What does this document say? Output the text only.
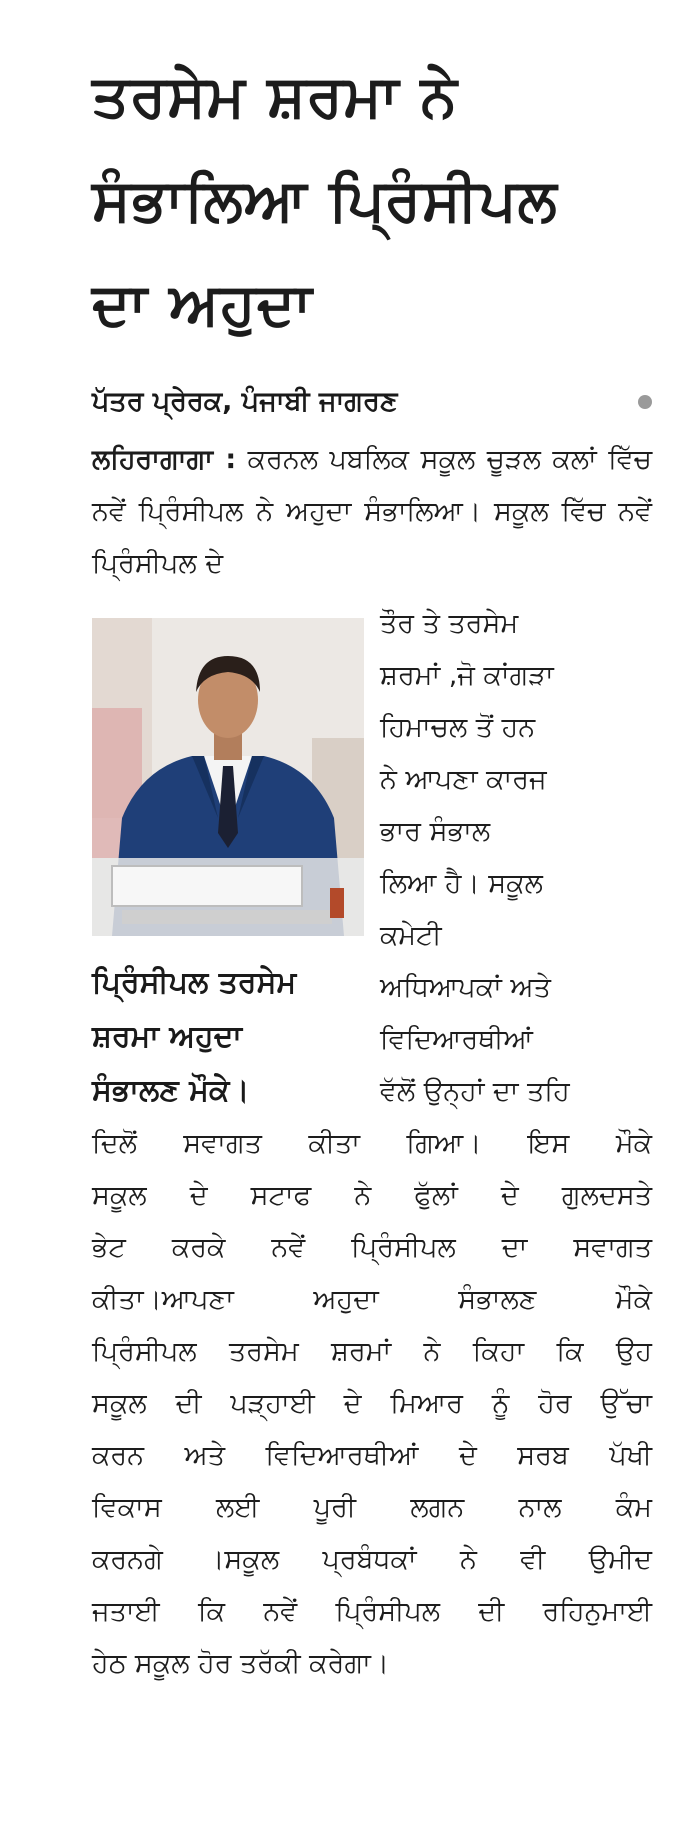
ਤਰਸੇਮ ਸ਼ਰਮਾ ਨੇ
ਸੰਭਾਲਿਆ ਪ੍ਰਿੰਸੀਪਲ
ਦਾ ਅਹੁਦਾ
ਪੱਤਰ ਪ੍ਰੇਰਕ, ਪੰਜਾਬੀ ਜਾਗਰਣ
ਲਹਿਰਾਗਾਗਾ : ਕਰਨਲ ਪਬਲਿਕ ਸਕੂਲ ਚੂੜਲ ਕਲਾਂ ਵਿੱਚ ਨਵੇਂ ਪ੍ਰਿੰਸੀਪਲ ਨੇ ਅਹੁਦਾ ਸੰਭਾਲਿਆ। ਸਕੂਲ ਵਿੱਚ ਨਵੇਂ ਪ੍ਰਿੰਸੀਪਲ ਦੇ
ਤੌਰ ਤੇ ਤਰਸੇਮ
ਸ਼ਰਮਾਂ ,ਜੋ ਕਾਂਗੜਾ
ਹਿਮਾਚਲ ਤੋਂ ਹਨ
ਨੇ ਆਪਣਾ ਕਾਰਜ
ਭਾਰ ਸੰਭਾਲ
ਲਿਆ ਹੈ। ਸਕੂਲ
ਕਮੇਟੀ
ਅਧਿਆਪਕਾਂ ਅਤੇ
ਵਿਦਿਆਰਥੀਆਂ
ਵੱਲੋਂ ਉਨ੍ਹਾਂ ਦਾ ਤਹਿ
ਪ੍ਰਿੰਸੀਪਲ ਤਰਸੇਮ
ਸ਼ਰਮਾ ਅਹੁਦਾ
ਸੰਭਾਲਣ ਮੌਕੇ।
ਦਿਲੋਂ ਸਵਾਗਤ ਕੀਤਾ ਗਿਆ। ਇਸ ਮੌਕੇ
ਸਕੂਲ ਦੇ ਸਟਾਫ ਨੇ ਫੁੱਲਾਂ ਦੇ ਗੁਲਦਸਤੇ
ਭੇਟ ਕਰਕੇ ਨਵੇਂ ਪ੍ਰਿੰਸੀਪਲ ਦਾ ਸਵਾਗਤ
ਕੀਤਾ।ਆਪਣਾ ਅਹੁਦਾ ਸੰਭਾਲਣ ਮੌਕੇ
ਪ੍ਰਿੰਸੀਪਲ ਤਰਸੇਮ ਸ਼ਰਮਾਂ ਨੇ ਕਿਹਾ ਕਿ ਉਹ
ਸਕੂਲ ਦੀ ਪੜ੍ਹਾਈ ਦੇ ਮਿਆਰ ਨੂੰ ਹੋਰ ਉੱਚਾ
ਕਰਨ ਅਤੇ ਵਿਦਿਆਰਥੀਆਂ ਦੇ ਸਰਬ ਪੱਖੀ
ਵਿਕਾਸ ਲਈ ਪੂਰੀ ਲਗਨ ਨਾਲ ਕੰਮ
ਕਰਨਗੇ ।ਸਕੂਲ ਪ੍ਰਬੰਧਕਾਂ ਨੇ ਵੀ ਉਮੀਦ
ਜਤਾਈ ਕਿ ਨਵੇਂ ਪ੍ਰਿੰਸੀਪਲ ਦੀ ਰਹਿਨੁਮਾਈ
ਹੇਠ ਸਕੂਲ ਹੋਰ ਤਰੱਕੀ ਕਰੇਗਾ।
